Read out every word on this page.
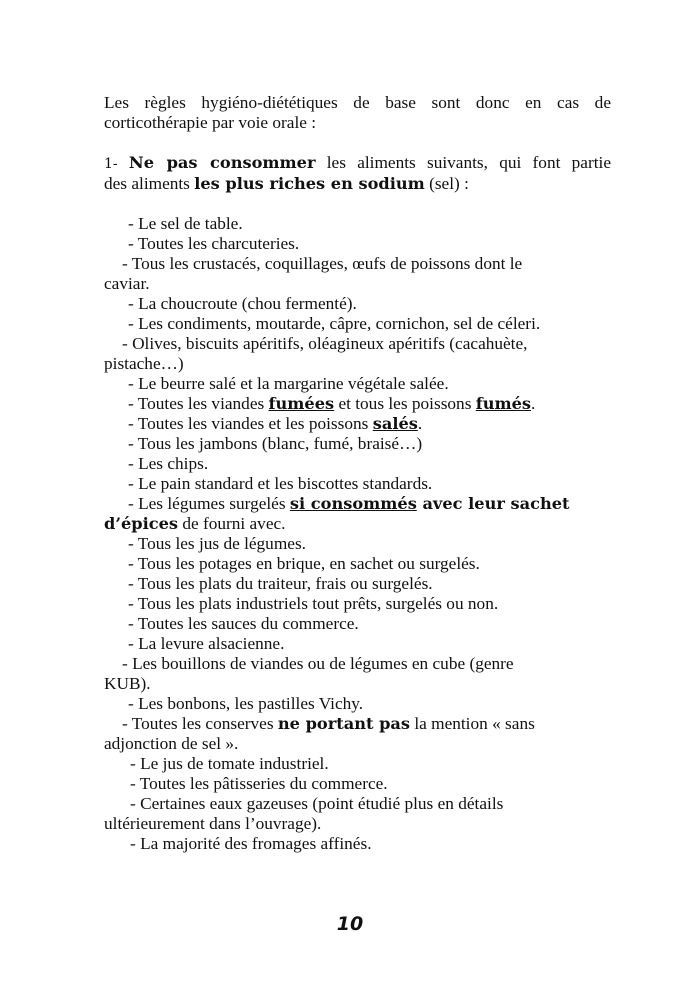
Les règles hygiéno-diététiques de base sont donc en cas de
corticothérapie par voie orale :

1- Ne pas consommer les aliments suivants, qui font partie
des aliments les plus riches en sodium (sel) :

- Le sel de table.
- Toutes les charcuteries.
- Tous les crustacés, coquillages, œufs de poissons dont le
caviar.
- La choucroute (chou fermenté).
- Les condiments, moutarde, câpre, cornichon, sel de céleri.
- Olives, biscuits apéritifs, oléagineux apéritifs (cacahuète,
pistache…)
- Le beurre salé et la margarine végétale salée.
- Toutes les viandes fumées et tous les poissons fumés.
- Toutes les viandes et les poissons salés.
- Tous les jambons (blanc, fumé, braisé…)
- Les chips.
- Le pain standard et les biscottes standards.
- Les légumes surgelés si consommés avec leur sachet
d’épices de fourni avec.
- Tous les jus de légumes.
- Tous les potages en brique, en sachet ou surgelés.
- Tous les plats du traiteur, frais ou surgelés.
- Tous les plats industriels tout prêts, surgelés ou non.
- Toutes les sauces du commerce.
- La levure alsacienne.
- Les bouillons de viandes ou de légumes en cube (genre
KUB).
- Les bonbons, les pastilles Vichy.
- Toutes les conserves ne portant pas la mention « sans
adjonction de sel ».
- Le jus de tomate industriel.
- Toutes les pâtisseries du commerce.
- Certaines eaux gazeuses (point étudié plus en détails
ultérieurement dans l’ouvrage).
- La majorité des fromages affinés.
10
